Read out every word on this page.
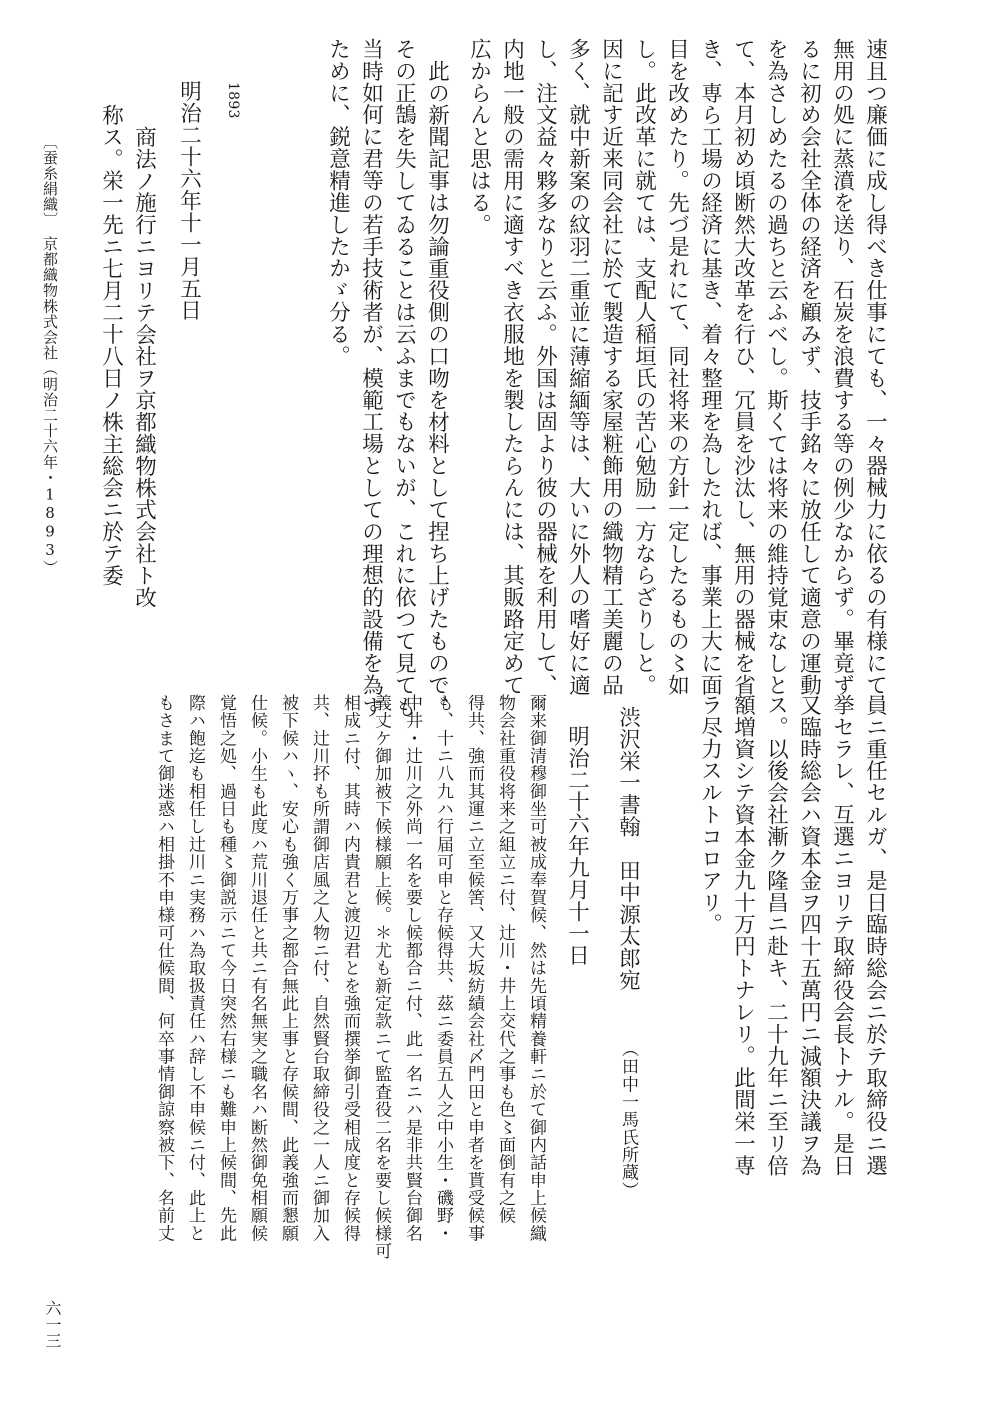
速且つ廉価に成し得べき仕事にても、一々器械力に依るの有様にて
無用の処に蒸濆を送り、石炭を浪費する等の例少なからず。畢竟ず
るに初め会社全体の経済を顧みず、技手銘々に放任して適意の運動
を為さしめたるの過ちと云ふべし。斯くては将来の維持覚束なしと
て、本月初め頃断然大改革を行ひ、冗員を沙汰し、無用の器械を省
き、専ら工場の経済に基き、着々整理を為したれば、事業上大に面
目を改めたり。先づ是れにて、同社将来の方針一定したるもの〻如
し。此改革に就ては、支配人稲垣氏の苦心勉励一方ならざりしと。
因に記す近来同会社に於て製造する家屋粧飾用の織物精工美麗の品
多く、就中新案の紋羽二重並に薄縮緬等は、大いに外人の嗜好に適
し、注文益々夥多なりと云ふ。外国は固より彼の器械を利用して、
内地一般の需用に適すべき衣服地を製したらんには、其販路定めて
広からんと思はる。
此の新聞記事は勿論重役側の口吻を材料として捏ち上げたもので、
その正鵠を失してゐることは云ふまでもないが、これに依つて見ても
当時如何に君等の若手技術者が、模範工場としての理想的設備を為す
ために、鋭意精進したかゞ分る。
1893
明治二十六年十一月五日
商法ノ施行ニヨリテ会社ヲ京都織物株式会社ト改
称ス。栄一先ニ七月二十八日ノ株主総会ニ於テ委
〔蚕糸絹織〕　京都織物株式会社（明治二十六年・1893）
員ニ重任セルガ、是日臨時総会ニ於テ取締役ニ選
挙セラレ、互選ニヨリテ取締役会長トナル。是日
又臨時総会ハ資本金ヲ四十五萬円ニ減額決議ヲ為
ス。以後会社漸ク隆昌ニ赴キ、二十九年ニ至リ倍
額増資シテ資本金九十万円トナレリ。此間栄一専
ラ尽力スルトコロアリ。
渋沢栄一書翰　田中源太郎宛
（田中一馬氏所蔵）
明治二十六年九月十一日
爾来御清穆御坐可被成奉賀候、然は先頃精養軒ニ於て御内話申上候織
物会社重役将来之組立ニ付、辻川・井上交代之事も色〻面倒有之候
得共、強而其運ニ立至候筈、又大坂紡績会社〆門田と申者を貰受候事
も、十ニ八九ハ行届可申と存候得共、茲ニ委員五人之中小生・磯野・
中井・辻川之外尚一名を要し候都合ニ付、此一名ニハ是非共賢台御名
義丈ケ御加被下候様願上候。＊尤も新定款ニて監査役二名を要し候様可
相成ニ付、其時ハ内貴君と渡辺君とを強而撰挙御引受相成度と存候得
共、辻川抔も所謂御店風之人物ニ付、自然賢台取締役之一人ニ御加入
被下候ハヽ、安心も強く万事之都合無此上事と存候間、此義強而懇願
仕候。小生も此度ハ荒川退任と共ニ有名無実之職名ハ断然御免相願候
覚悟之処、過日も種〻御説示ニて今日突然右様ニも難申上候間、先此
際ハ飽迄も相任し辻川ニ実務ハ為取扱責任ハ辞し不申候ニ付、此上と
もさまて御迷惑ハ相掛不申様可仕候間、何卒事情御諒察被下、名前丈
六一三
